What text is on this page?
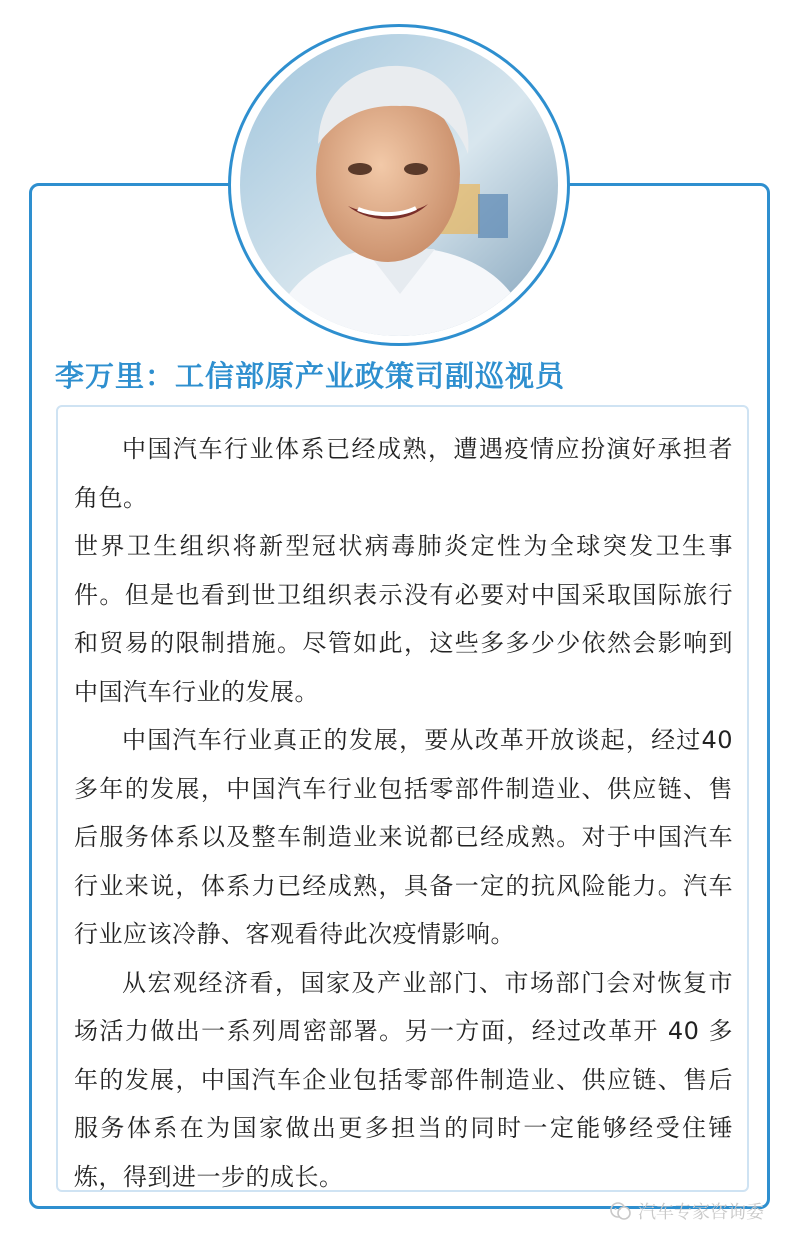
李万里：工信部原产业政策司副巡视员

中国汽车行业体系已经成熟，遭遇疫情应扮演好承担者角色。

世界卫生组织将新型冠状病毒肺炎定性为全球突发卫生事件。但是也看到世卫组织表示没有必要对中国采取国际旅行和贸易的限制措施。尽管如此，这些多多少少依然会影响到中国汽车行业的发展。

中国汽车行业真正的发展，要从改革开放谈起，经过40 多年的发展，中国汽车行业包括零部件制造业、供应链、售后服务体系以及整车制造业来说都已经成熟。对于中国汽车行业来说，体系力已经成熟，具备一定的抗风险能力。汽车行业应该冷静、客观看待此次疫情影响。

从宏观经济看，国家及产业部门、市场部门会对恢复市场活力做出一系列周密部署。另一方面，经过改革开 40 多年的发展，中国汽车企业包括零部件制造业、供应链、售后服务体系在为国家做出更多担当的同时一定能够经受住锤炼，得到进一步的成长。

汽车专家咨询委
